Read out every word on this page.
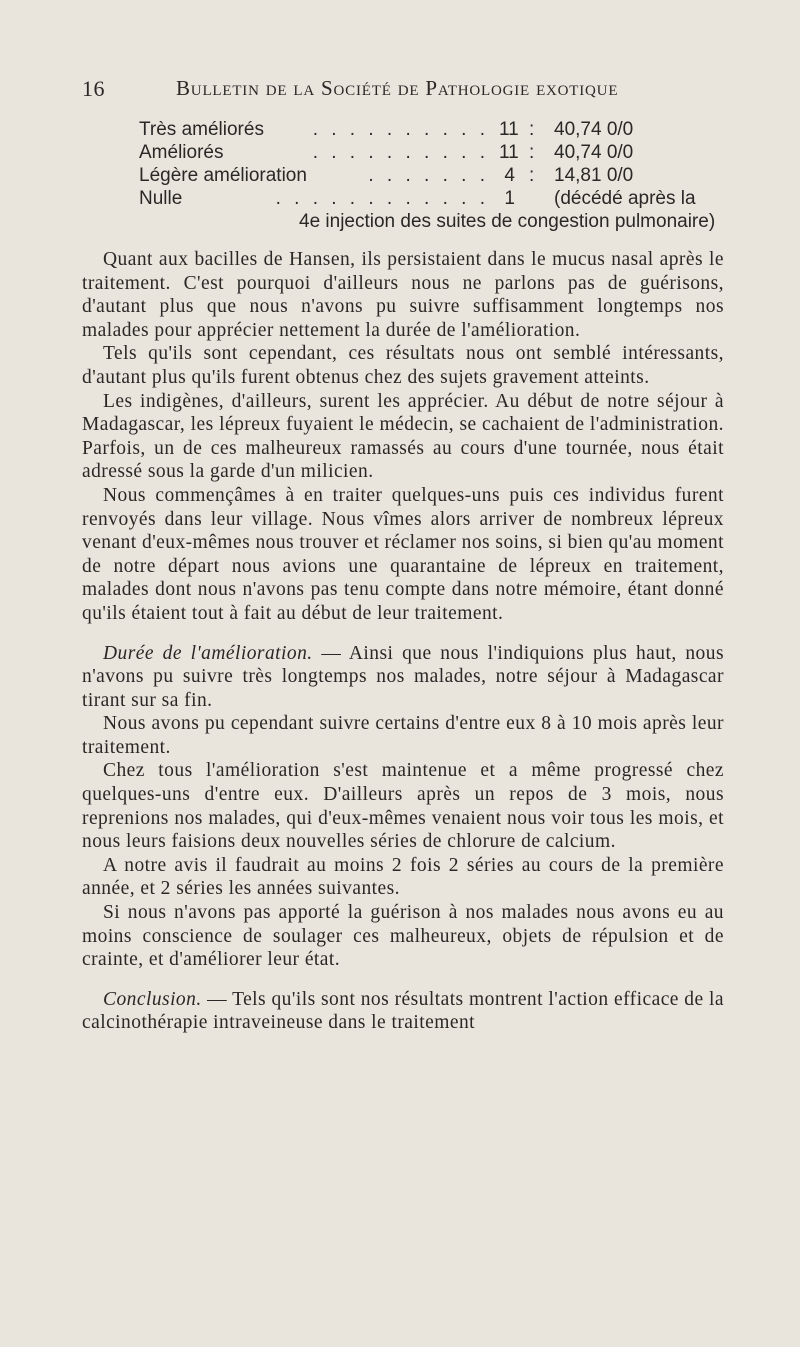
16	Bulletin de la Société de Pathologie exotique
Très améliorés	. . . . . . . . . . 11 : 40,74 0/0
Améliorés	. . . . . . . . . . 11 : 40,74 0/0
Légère amélioration	. . . . . . . 4 : 14,81 0/0
Nulle	. . . . . . . . . . . . 1 (décédé après la
4e injection des suites de congestion pulmonaire)

Quant aux bacilles de Hansen, ils persistaient dans le mucus nasal après le traitement. C'est pourquoi d'ailleurs nous ne parlons pas de guérisons, d'autant plus que nous n'avons pu suivre suffisamment longtemps nos malades pour apprécier nettement la durée de l'amélioration.

Tels qu'ils sont cependant, ces résultats nous ont semblé intéressants, d'autant plus qu'ils furent obtenus chez des sujets gravement atteints.

Les indigènes, d'ailleurs, surent les apprécier. Au début de notre séjour à Madagascar, les lépreux fuyaient le médecin, se cachaient de l'administration. Parfois, un de ces malheureux ramassés au cours d'une tournée, nous était adressé sous la garde d'un milicien.

Nous commençâmes à en traiter quelques-uns puis ces individus furent renvoyés dans leur village. Nous vîmes alors arriver de nombreux lépreux venant d'eux-mêmes nous trouver et réclamer nos soins, si bien qu'au moment de notre départ nous avions une quarantaine de lépreux en traitement, malades dont nous n'avons pas tenu compte dans notre mémoire, étant donné qu'ils étaient tout à fait au début de leur traitement.

Durée de l'amélioration. — Ainsi que nous l'indiquions plus haut, nous n'avons pu suivre très longtemps nos malades, notre séjour à Madagascar tirant sur sa fin.

Nous avons pu cependant suivre certains d'entre eux 8 à 10 mois après leur traitement.

Chez tous l'amélioration s'est maintenue et a même progressé chez quelques-uns d'entre eux. D'ailleurs après un repos de 3 mois, nous reprenions nos malades, qui d'eux-mêmes venaient nous voir tous les mois, et nous leurs faisions deux nouvelles séries de chlorure de calcium.

A notre avis il faudrait au moins 2 fois 2 séries au cours de la première année, et 2 séries les années suivantes.

Si nous n'avons pas apporté la guérison à nos malades nous avons eu au moins conscience de soulager ces malheureux, objets de répulsion et de crainte, et d'améliorer leur état.

Conclusion. — Tels qu'ils sont nos résultats montrent l'action efficace de la calcinothérapie intraveineuse dans le traitement
